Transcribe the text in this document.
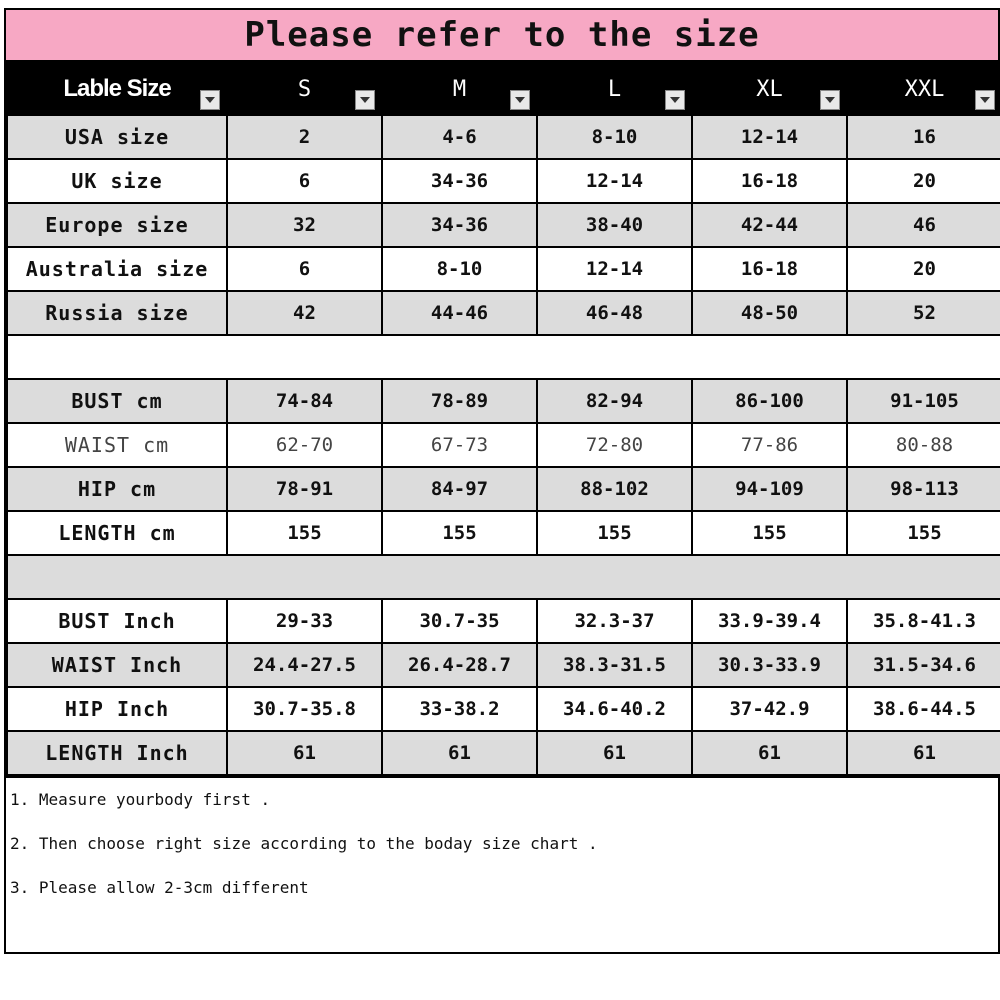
Please refer to the size
Lable Size	S	M	L	XL	XXL

USA size	2	4-6	8-10	12-14	16
UK size	6	34-36	12-14	16-18	20
Europe size	32	34-36	38-40	42-44	46
Australia size	6	8-10	12-14	16-18	20
Russia size	42	44-46	46-48	48-50	52

BUST cm	74-84	78-89	82-94	86-100	91-105
WAIST cm	62-70	67-73	72-80	77-86	80-88
HIP cm	78-91	84-97	88-102	94-109	98-113
LENGTH cm	155	155	155	155	155

BUST Inch	29-33	30.7-35	32.3-37	33.9-39.4	35.8-41.3
WAIST Inch	24.4-27.5	26.4-28.7	38.3-31.5	30.3-33.9	31.5-34.6
HIP Inch	30.7-35.8	33-38.2	34.6-40.2	37-42.9	38.6-44.5
LENGTH Inch	61	61	61	61	61
1. Measure yourbody first .
2. Then choose right size according to the boday size chart .
3. Please allow 2-3cm different
